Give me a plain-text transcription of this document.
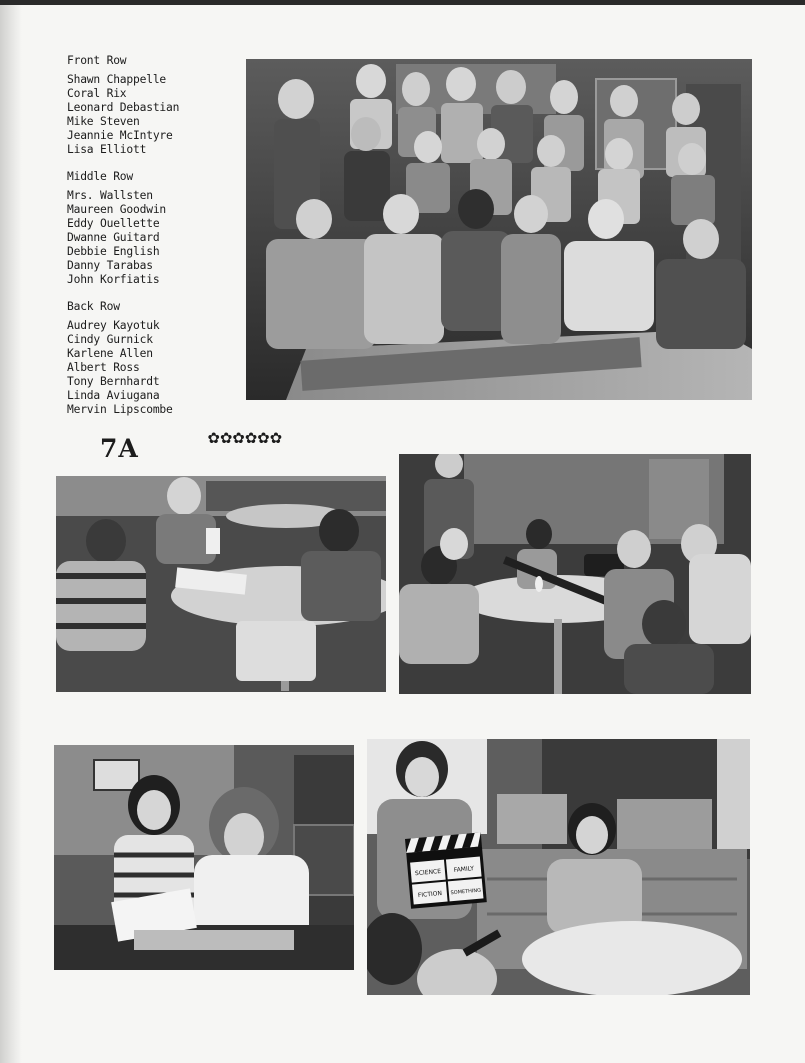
Front Row
Shawn Chappelle
Coral Rix
Leonard Debastian
Mike Steven
Jeannie McIntyre
Lisa Elliott
Middle Row
Mrs. Wallsten
Maureen Goodwin
Eddy Ouellette
Dwanne Guitard
Debbie English
Danny Tarabas
John Korfiatis
Back Row
Audrey Kayotuk
Cindy Gurnick
Karlene Allen
Albert Ross
Tony Bernhardt
Linda Aviugana
Mervin Lipscombe
7A	✿✿✿✿✿✿
SCIENCE
FICTION
FAMILY
SOMETHING
